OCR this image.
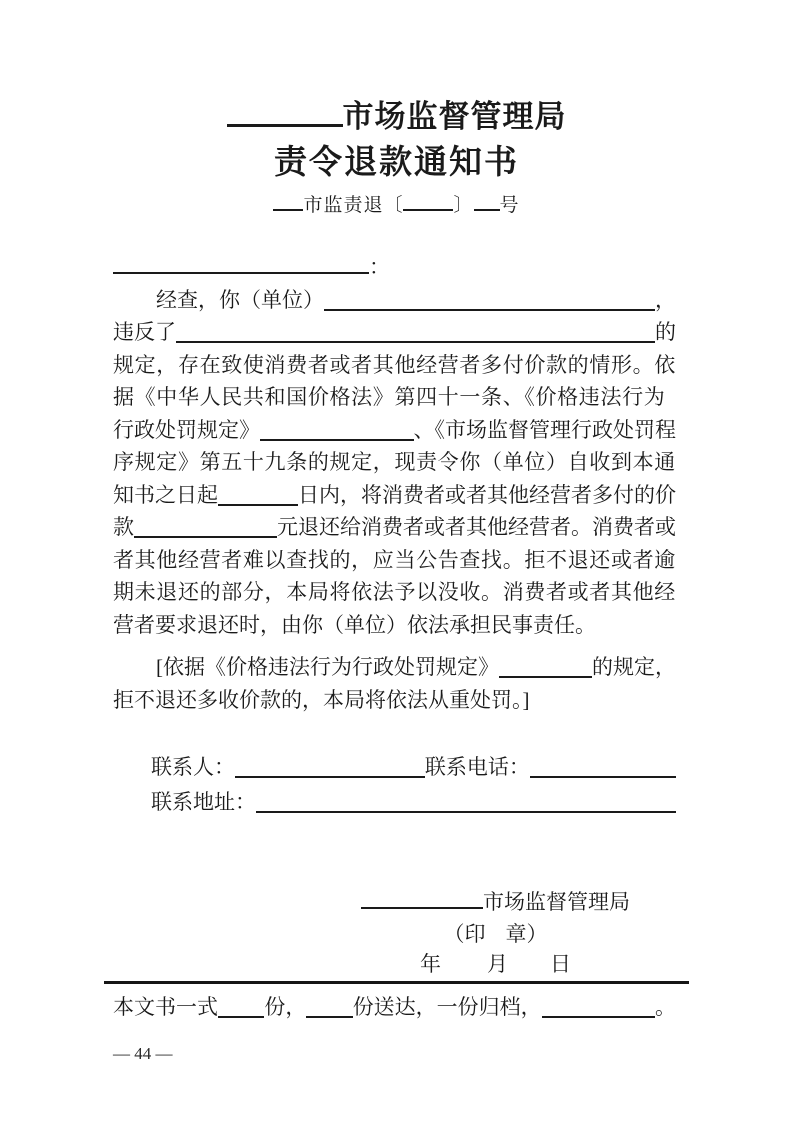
市场监督管理局
责令退款通知书
市监责退〔	〕 号
：
经查，你（单位）	，
违反了	的
规定，存在致使消费者或者其他经营者多付价款的情形。依
据《中华人民共和国价格法》第四十一条、《价格违法行为
行政处罚规定》	、《市场监督管理行政处罚程
序规定》第五十九条的规定，现责令你（单位）自收到本通
知书之日起	日内，将消费者或者其他经营者多付的价
款	元退还给消费者或者其他经营者。消费者或
者其他经营者难以查找的，应当公告查找。拒不退还或者逾
期未退还的部分，本局将依法予以没收。消费者或者其他经
营者要求退还时，由你（单位）依法承担民事责任。
[依据《价格违法行为行政处罚规定》	的规定，
拒不退还多收价款的，本局将依法从重处罚。]
联系人：	联系电话：
联系地址：
市场监督管理局
（印 章）
年 月 日
本文书一式 份， 份送达，一份归档，	。
— 44 —
